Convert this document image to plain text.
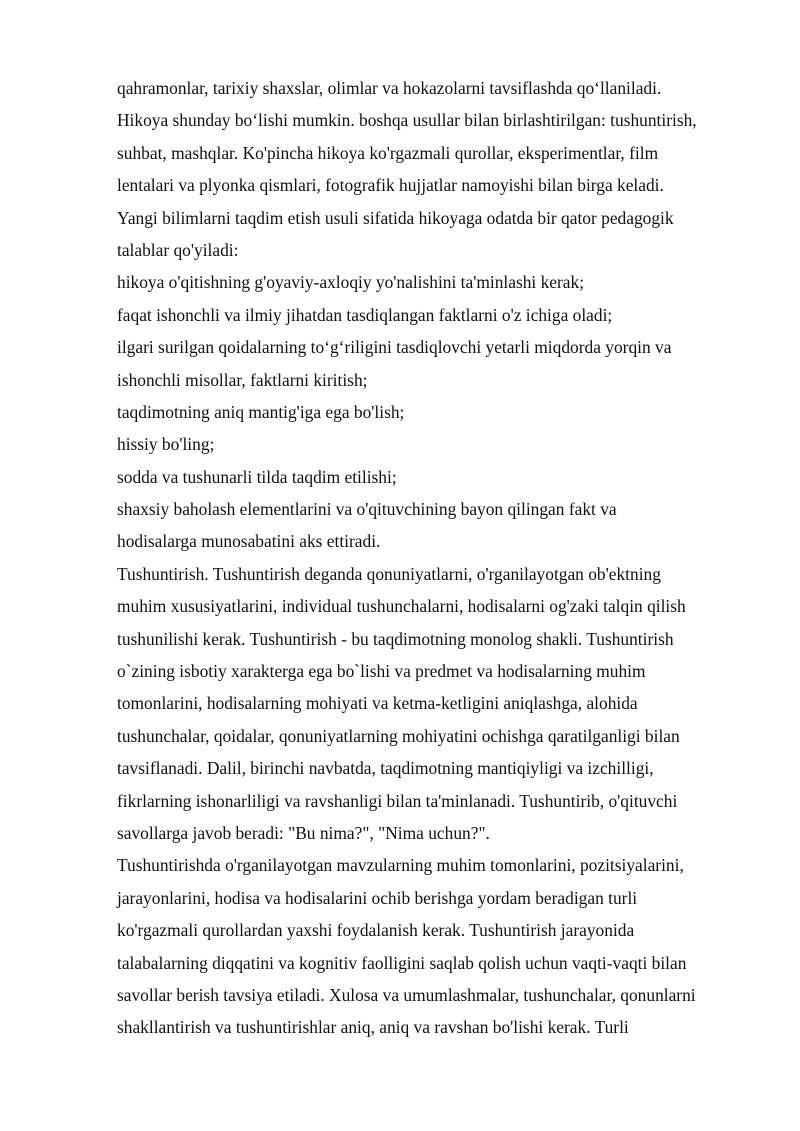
qahramonlar, tarixiy shaxslar, olimlar va hokazolarni tavsiflashda qo‘llaniladi.
Hikoya shunday bo‘lishi mumkin. boshqa usullar bilan birlashtirilgan: tushuntirish,
suhbat, mashqlar. Ko'pincha hikoya ko'rgazmali qurollar, eksperimentlar, film
lentalari va plyonka qismlari, fotografik hujjatlar namoyishi bilan birga keladi.
Yangi bilimlarni taqdim etish usuli sifatida hikoyaga odatda bir qator pedagogik
talablar qo'yiladi:
hikoya o'qitishning g'oyaviy-axloqiy yo'nalishini ta'minlashi kerak;
faqat ishonchli va ilmiy jihatdan tasdiqlangan faktlarni o'z ichiga oladi;
ilgari surilgan qoidalarning to‘g‘riligini tasdiqlovchi yetarli miqdorda yorqin va
ishonchli misollar, faktlarni kiritish;
taqdimotning aniq mantig'iga ega bo'lish;
hissiy bo'ling;
sodda va tushunarli tilda taqdim etilishi;
shaxsiy baholash elementlarini va o'qituvchining bayon qilingan fakt va
hodisalarga munosabatini aks ettiradi.
Tushuntirish. Tushuntirish deganda qonuniyatlarni, o'rganilayotgan ob'ektning
muhim xususiyatlarini, individual tushunchalarni, hodisalarni og'zaki talqin qilish
tushunilishi kerak. Tushuntirish - bu taqdimotning monolog shakli. Tushuntirish
o`zining isbotiy xarakterga ega bo`lishi va predmet va hodisalarning muhim
tomonlarini, hodisalarning mohiyati va ketma-ketligini aniqlashga, alohida
tushunchalar, qoidalar, qonuniyatlarning mohiyatini ochishga qaratilganligi bilan
tavsiflanadi. Dalil, birinchi navbatda, taqdimotning mantiqiyligi va izchilligi,
fikrlarning ishonarliligi va ravshanligi bilan ta'minlanadi. Tushuntirib, o'qituvchi
savollarga javob beradi: "Bu nima?", "Nima uchun?".
Tushuntirishda o'rganilayotgan mavzularning muhim tomonlarini, pozitsiyalarini,
jarayonlarini, hodisa va hodisalarini ochib berishga yordam beradigan turli
ko'rgazmali qurollardan yaxshi foydalanish kerak. Tushuntirish jarayonida
talabalarning diqqatini va kognitiv faolligini saqlab qolish uchun vaqti-vaqti bilan
savollar berish tavsiya etiladi. Xulosa va umumlashmalar, tushunchalar, qonunlarni
shakllantirish va tushuntirishlar aniq, aniq va ravshan bo'lishi kerak. Turli
